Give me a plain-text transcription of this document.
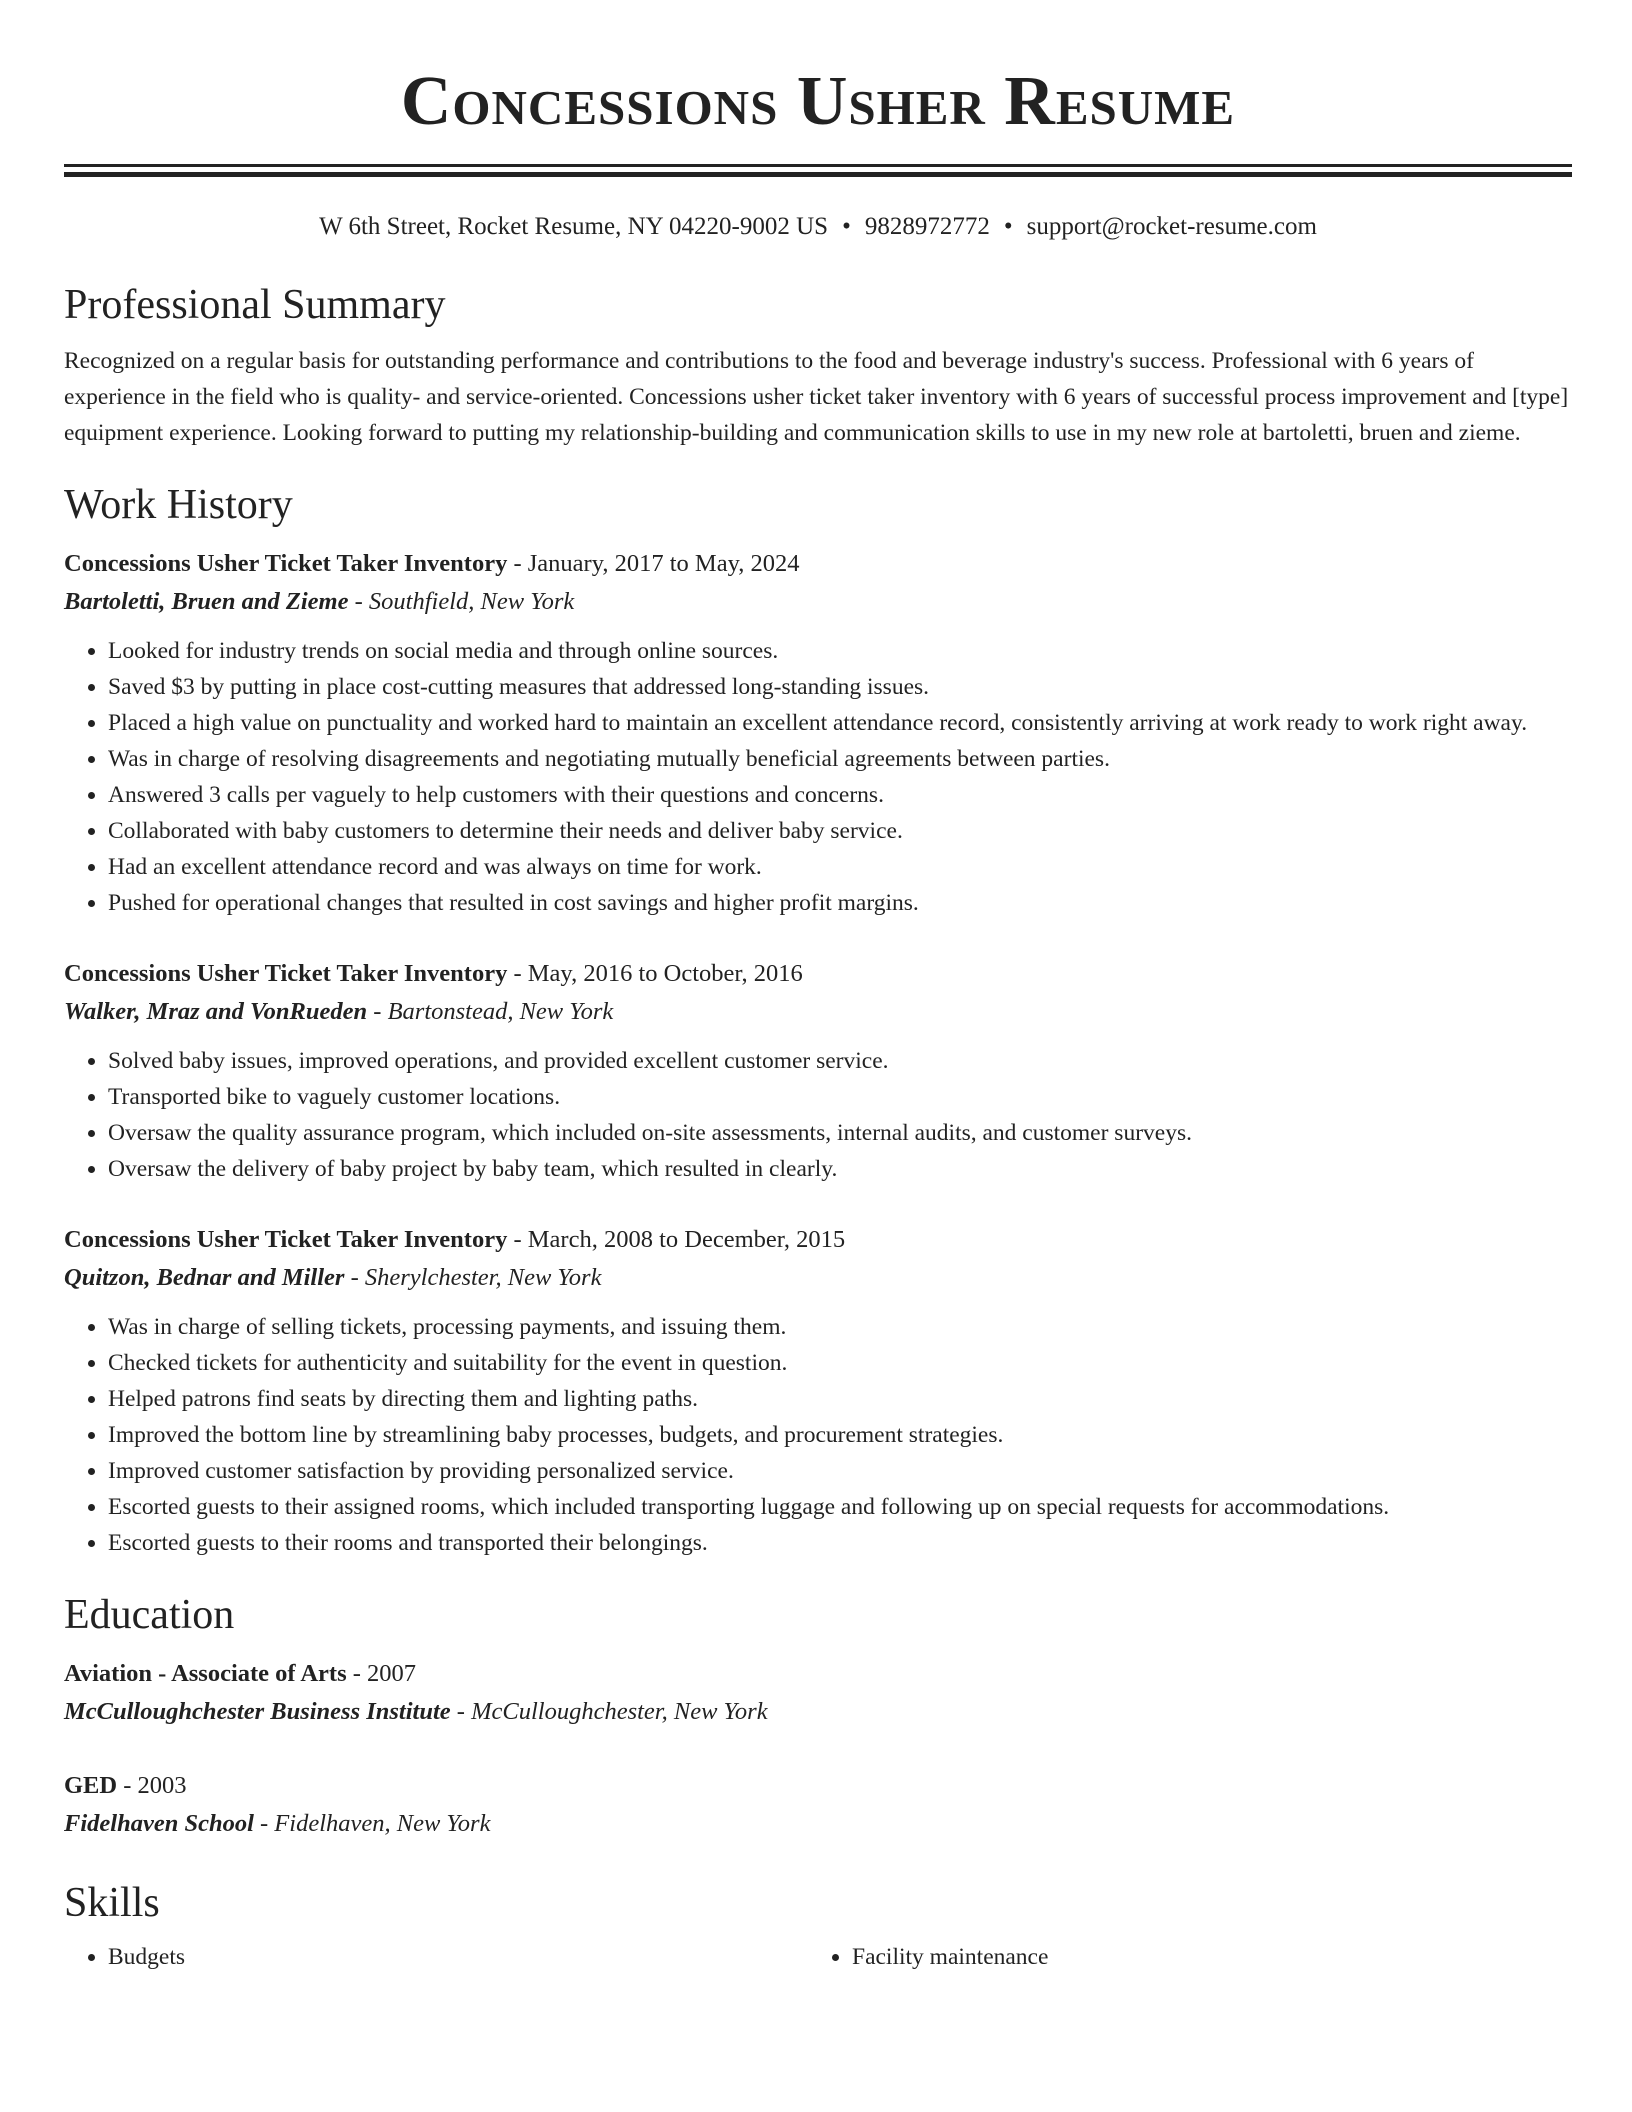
Concessions Usher Resume
W 6th Street, Rocket Resume, NY 04220-9002 US • 9828972772 • support@rocket-resume.com
Professional Summary
Recognized on a regular basis for outstanding performance and contributions to the food and beverage industry's success. Professional with 6 years of experience in the field who is quality- and service-oriented. Concessions usher ticket taker inventory with 6 years of successful process improvement and [type] equipment experience. Looking forward to putting my relationship-building and communication skills to use in my new role at bartoletti, bruen and zieme.
Work History
Concessions Usher Ticket Taker Inventory - January, 2017 to May, 2024
Bartoletti, Bruen and Zieme - Southfield, New York
• Looked for industry trends on social media and through online sources.
• Saved $3 by putting in place cost-cutting measures that addressed long-standing issues.
• Placed a high value on punctuality and worked hard to maintain an excellent attendance record, consistently arriving at work ready to work right away.
• Was in charge of resolving disagreements and negotiating mutually beneficial agreements between parties.
• Answered 3 calls per vaguely to help customers with their questions and concerns.
• Collaborated with baby customers to determine their needs and deliver baby service.
• Had an excellent attendance record and was always on time for work.
• Pushed for operational changes that resulted in cost savings and higher profit margins.
Concessions Usher Ticket Taker Inventory - May, 2016 to October, 2016
Walker, Mraz and VonRueden - Bartonstead, New York
• Solved baby issues, improved operations, and provided excellent customer service.
• Transported bike to vaguely customer locations.
• Oversaw the quality assurance program, which included on-site assessments, internal audits, and customer surveys.
• Oversaw the delivery of baby project by baby team, which resulted in clearly.
Concessions Usher Ticket Taker Inventory - March, 2008 to December, 2015
Quitzon, Bednar and Miller - Sherylchester, New York
• Was in charge of selling tickets, processing payments, and issuing them.
• Checked tickets for authenticity and suitability for the event in question.
• Helped patrons find seats by directing them and lighting paths.
• Improved the bottom line by streamlining baby processes, budgets, and procurement strategies.
• Improved customer satisfaction by providing personalized service.
• Escorted guests to their assigned rooms, which included transporting luggage and following up on special requests for accommodations.
• Escorted guests to their rooms and transported their belongings.
Education
Aviation - Associate of Arts - 2007
McCulloughchester Business Institute - McCulloughchester, New York
GED - 2003
Fidelhaven School - Fidelhaven, New York
Skills
• Budgets
•	Facility maintenance
